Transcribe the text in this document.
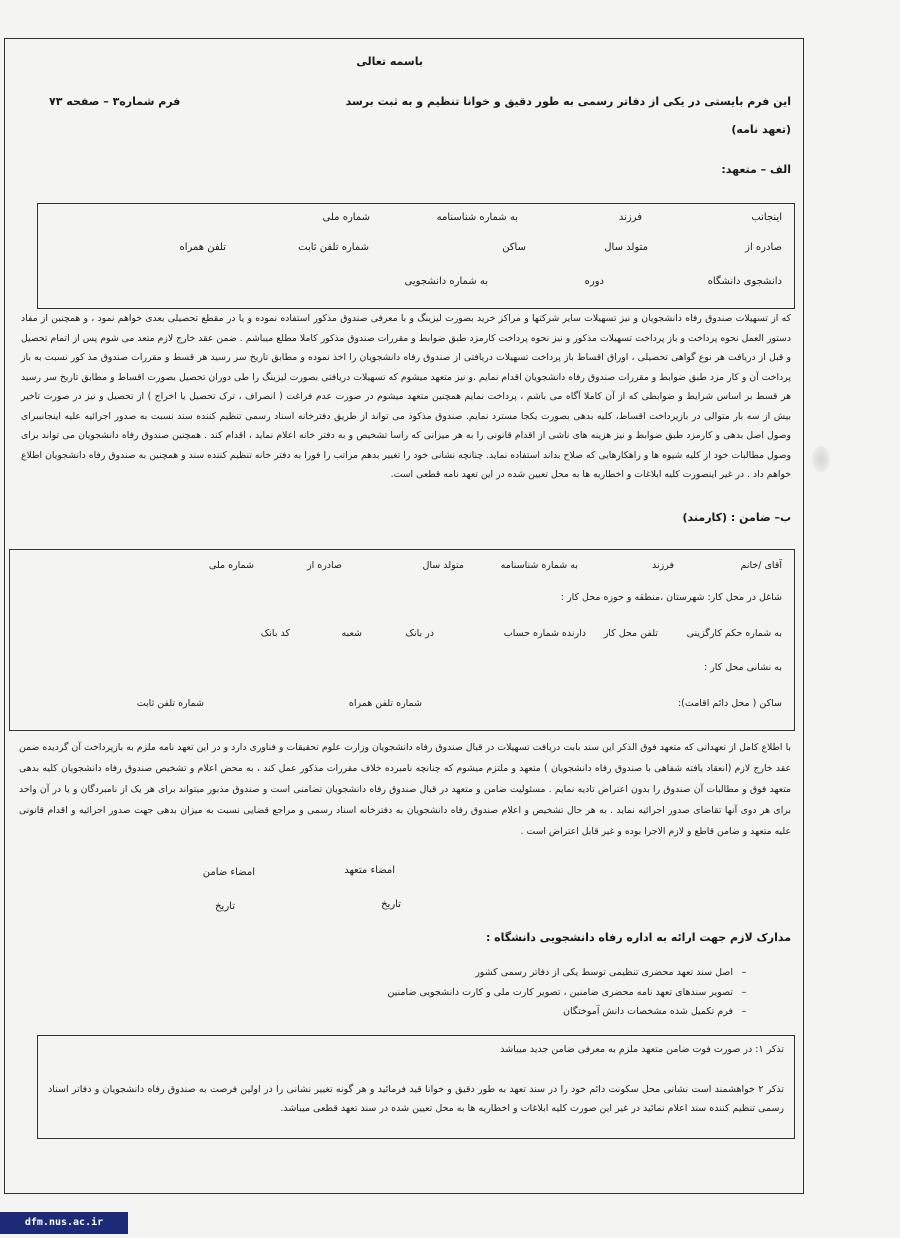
باسمه تعالی
این فرم بایستی در یکی از دفاتر رسمی به طور دقیق و خوانا تنظیم و به ثبت برسد
فرم شماره۳ – صفحه ۷۳
(تعهد نامه)
الف – متعهد:
اینجانب
فرزند
به شماره شناسنامه
شماره ملی
صادره از
متولد سال
ساکن
شماره تلفن ثابت
تلفن همراه
دانشجوی دانشگاه
دوره
به شماره دانشجویی
که از تسهیلات صندوق رفاه دانشجویان و نیز تسهیلات سایر شرکتها و مراکز خرید بصورت لیزینگ و با معرفی صندوق مذکور استفاده نموده و یا در مقطع تحصیلی بعدی خواهم نمود ، و همچنین از مفاد دستور العمل نحوه پرداخت و باز پرداخت تسهیلات مذکور و نیز نحوه پرداخت کارمزد طبق ضوابط و مقررات صندوق مذکور کاملا مطلع میباشم . ضمن عقد خارج لازم متعد می شوم پس از اتمام تحصیل و قبل از دریافت هر نوع گواهی تحصیلی ، اوراق اقساط باز پرداخت تسهیلات دریافتی از صندوق رفاه دانشجویان را اخذ نموده و مطابق تاریخ سر رسید هر قسط و مقررات صندوق مذ کور نسبت به باز پرداخت آن و کار مزد طبق ضوابط و مقررات صندوق رفاه دانشجویان اقدام نمایم .و نیز متعهد میشوم که تسهیلات دریافتی بصورت لیزینگ را طی دوران تحصیل بصورت اقساط و مطابق تاریخ سر رسید هر قسط بر اساس شرایط و ضوابطی که از آن کاملا آگاه می باشم ، پرداخت نمایم همچنین متعهد میشوم در صورت عدم فراغت ( انصراف ، ترک تحصیل یا اخراج ) از تحصیل و نیز در صورت تاخیر بیش از سه بار متوالی در بازپرداخت اقساط، کلیه بدهی بصورت یکجا مسترد نمایم. صندوق مذکوذ می تواند از طریق دفترخانه اسناد رسمی تنظیم کننده سند نسبت به صدور اجرائیه علیه اینجانببرای وصول اصل بدهی و کارمزد طبق ضوابط و نیز هزینه های ناشی از اقدام قانونی را به هر میزانی که راسا تشخیص و به دفتر خانه اعلام نماید ، اقدام کند . همچنین صندوق رفاه دانشجویان می تواند برای وصول مطالبات خود از کلیه شیوه ها و راهکارهایی که صلاح بداند استفاده نماید. چنانچه نشانی خود را تغییر بدهم مراتب را فورا به دفتر خانه تنظیم کننده سند و همچنین به صندوق رفاه دانشجویان اطلاع خواهم داد . در غیر اینصورت کلیه ابلاغات و اخطاریه ها به محل تعیین شده در این تعهد نامه قطعی است.
ب– ضامن : (کارمند)
آقای /خانم
فرزند
به شماره شناسنامه
متولد سال
صادره از
شماره ملی
شاغل در محل کار: شهرستان ،منطقه و حوزه محل کار :
به شماره حکم کارگزینی
تلفن محل کار
دارنده شماره حساب
در بانک
شعبه
کد بانک
به نشانی محل کار :
ساکن ( محل دائم اقامت):
شماره تلفن همراه
شماره تلفن ثابت
با اطلاع کامل از تعهداتی که متعهد فوق الذکر این سند بابت دریافت تسهیلات در قبال صندوق رفاه دانشجویان وزارت علوم تحقیقات و فناوری دارد و در این تعهد نامه ملزم به بازپرداخت آن گردیده ضمن عقد خارج لازم (انعقاد یافته شفاهی با صندوق رفاه دانشجویان ) متعهد و ملتزم میشوم که چنانچه نامبرده خلاف مقررات مذکور عمل کند ، به محض اعلام و تشخیص صندوق رفاه دانشجویان کلیه بدهی متعهد فوق و مطالبات آن صندوق را بدون اعتراض تادیه نمایم . مسئولیت ضامن و متعهد در قبال صندوق رفاه دانشجویان تضامنی است و صندوق مذبور میتواند برای هر یک از نامبردگان و یا در آن واحد برای هر دوی آنها تقاضای صدور اجرائیه نماید . به هر حال تشخیص و اعلام صندوق رفاه دانشجویان به دفترخانه اسناد رسمی و مراجع قضایی نسبت به میزان بدهی جهت صدور اجرائیه و اقدام قانونی علیه متعهد و ضامن قاطع و لازم الاجرا بوده و غیر قابل اعتراض است .
امضاء متعهد
امضاء ضامن
تاریخ
تاریخ
مدارک لازم جهت ارائه به اداره رفاه دانشجویی دانشگاه :
–
اصل سند تعهد محضری تنظیمی توسط یکی از دفاتر رسمی کشور
–
تصویر سندهای تعهد نامه محضری ضامنین ، تصویر کارت ملی و کارت دانشجویی ضامنین
–
فرم تکمیل شده مشخصات دانش آموختگان
تذکر ۱: در صورت فوت ضامن متعهد ملزم به معرفی ضامن جدید میباشد
تذکر ۲ خواهشمند است نشانی محل سکونت دائم خود را در سند تعهد به طور دقیق و خوانا قید فرمائید و هر گونه تغییر نشانی را در اولین فرصت به صندوق رفاه دانشجویان و دفاتر اسناد رسمی تنظیم کننده سند اعلام نمائید در غیر این صورت کلیه ابلاغات و اخطاریه ها به محل تعیین شده در سند تعهد قطعی میباشد.
dfm.nus.ac.ir
